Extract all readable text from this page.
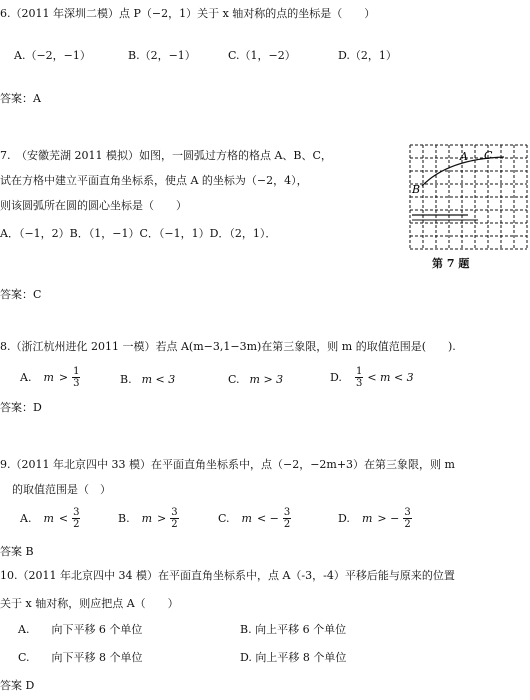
6.（2011 年深圳二模）点 P（−2，1）关于 x 轴对称的点的坐标是（　　）
A.（−2，−1）	B.（2，−1）	C.（1，−2）	D.（2，1）
答案：A
7.　（安徽芜湖 2011 模拟）如图，一圆弧过方格的格点 A、B、C，
试在方格中建立平面直角坐标系，使点 A 的坐标为（−2，4），
则该圆弧所在圆的圆心坐标是（　　）
A．（−1，2）B．（1，−1）C．（−1，1）D．（2，1）．
答案：C
A
B
C
第 7 题
8.（浙江杭州进化 2011 一模）若点 A(m−3,1−3m)在第三象限，则 m 的取值范围是(　　).
A. $m > \frac{1}{3}$	B. m < 3	C. m > 3	D. $\frac{1}{3} < m < 3$
答案：D
9.（2011 年北京四中 33 模）在平面直角坐标系中，点（−2，−2m+3）在第三象限，则 m
的取值范围是（　）
A. $m < \frac{3}{2}$	B. $m > \frac{3}{2}$	C. m < − $\frac{3}{2}$	D. m > − $\frac{3}{2}$
答案 B
10.（2011 年北京四中 34 模）在平面直角坐标系中，点 A（-3，-4）平移后能与原来的位置
关于 x 轴对称，则应把点 A（　　）
A.　　向下平移 6 个单位	B. 向上平移 6 个单位
C.　　向下平移 8 个单位	D. 向上平移 8 个单位
答案 D
